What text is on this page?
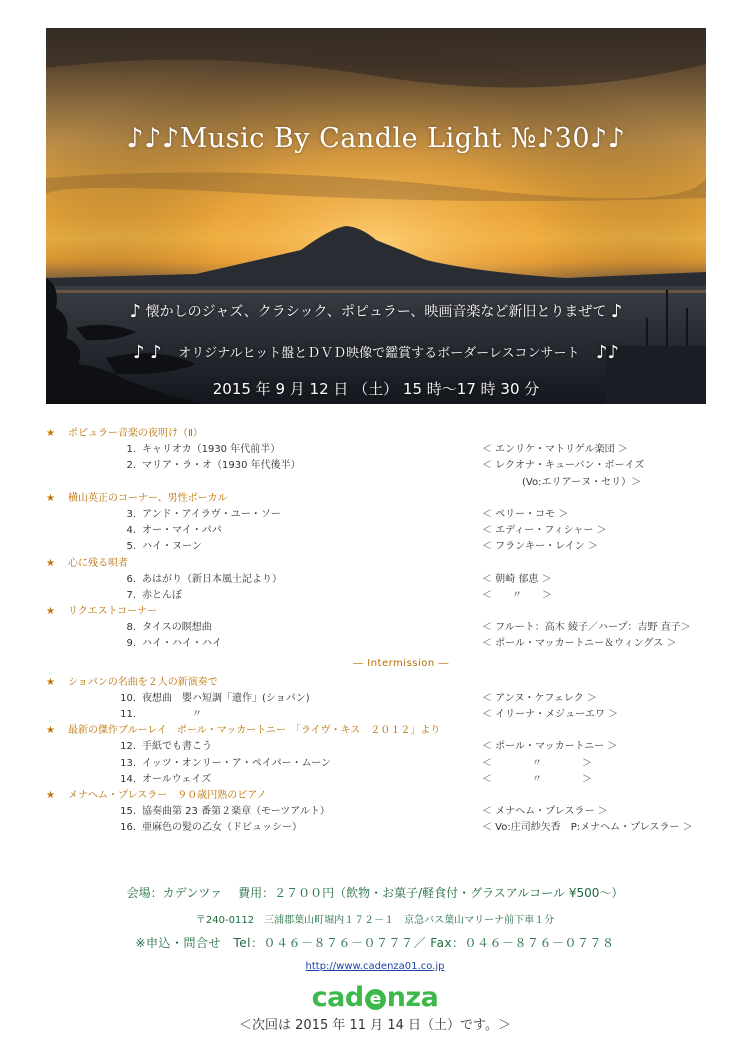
♪♪♪Music By Candle Light №♪30♪♪
♪ 懐かしのジャズ、クラシック、ポピュラー、映画音楽など新旧とりまぜて ♪
♪ ♪ オリジナルヒット盤とＤＶＤ映像で鑑賞するボーダーレスコンサート ♪♪
2015 年 9 月 12 日 （土） 15 時～17 時 30 分
★ ポピュラー音楽の夜明け（Ⅱ）
1. キャリオカ（1930 年代前半）	＜ エンリケ・マトリゲル楽団 ＞
2. マリア・ラ・オ（1930 年代後半）	＜ レクオナ・キューバン・ボーイズ
　　　　(Vo:エリアーヌ・セリ）＞
★ 横山英正のコーナー、男性ボーカル
3. アンド・アイラヴ・ユー・ソー	＜ ペリー・コモ ＞
4. オー・マイ・パパ	＜ エディー・フィシャー ＞
5. ハイ・ヌーン	＜ フランキー・レイン ＞
★ 心に残る唄者
6. あはがり（新日本風土記より）	＜ 朝崎 郁恵 ＞
7. 赤とんぼ	＜　　〃　　＞
★ リクエストコーナー
8. タイスの瞑想曲	＜ フルート：高木 綾子／ハープ：吉野 直子＞
9. ハイ・ハイ・ハイ	＜ ポール・マッカートニー＆ウィングス ＞
― Intermission ―
★ ショパンの名曲を２人の新演奏で
10. 夜想曲　嬰ハ短調「遺作」(ショパン)	＜ アンヌ・ケフェレク ＞
11. 　　　　　〃	＜ イリーナ・メジューエワ ＞
★ 最新の傑作ブルーレイ　ポール・マッカートニー　「ライヴ・キス　２０１２」より
12. 手紙でも書こう	＜ ポール・マッカートニー ＞
13. イッツ・オンリー・ア・ペイパー・ムーン	＜　　　　〃　　　　＞
14. オールウェイズ	＜　　　　〃　　　　＞
★ メナヘム・プレスラー　９０歳円熟のピアノ
15. 協奏曲第 23 番第２楽章（モーツアルト）	＜ メナヘム・プレスラー ＞
16. 亜麻色の髪の乙女（ドビュッシー）	＜ Vo:庄司紗矢香　P:メナヘム・プレスラー ＞
会場：カデンツァ　 費用：２７００円（飲物・お菓子/軽食付・グラスアルコール ¥500～）
〒240-0112　三浦郡葉山町堀内１７２－１　京急バス葉山マリーナ前下車１分
※申込・問合せ　Tel：０４６－８７６－０７７７／ Fax：０４６－８７６－０７７８
http://www.cadenza01.co.jp
cad e nza
＜次回は 2015 年 11 月 14 日（土）です。＞
